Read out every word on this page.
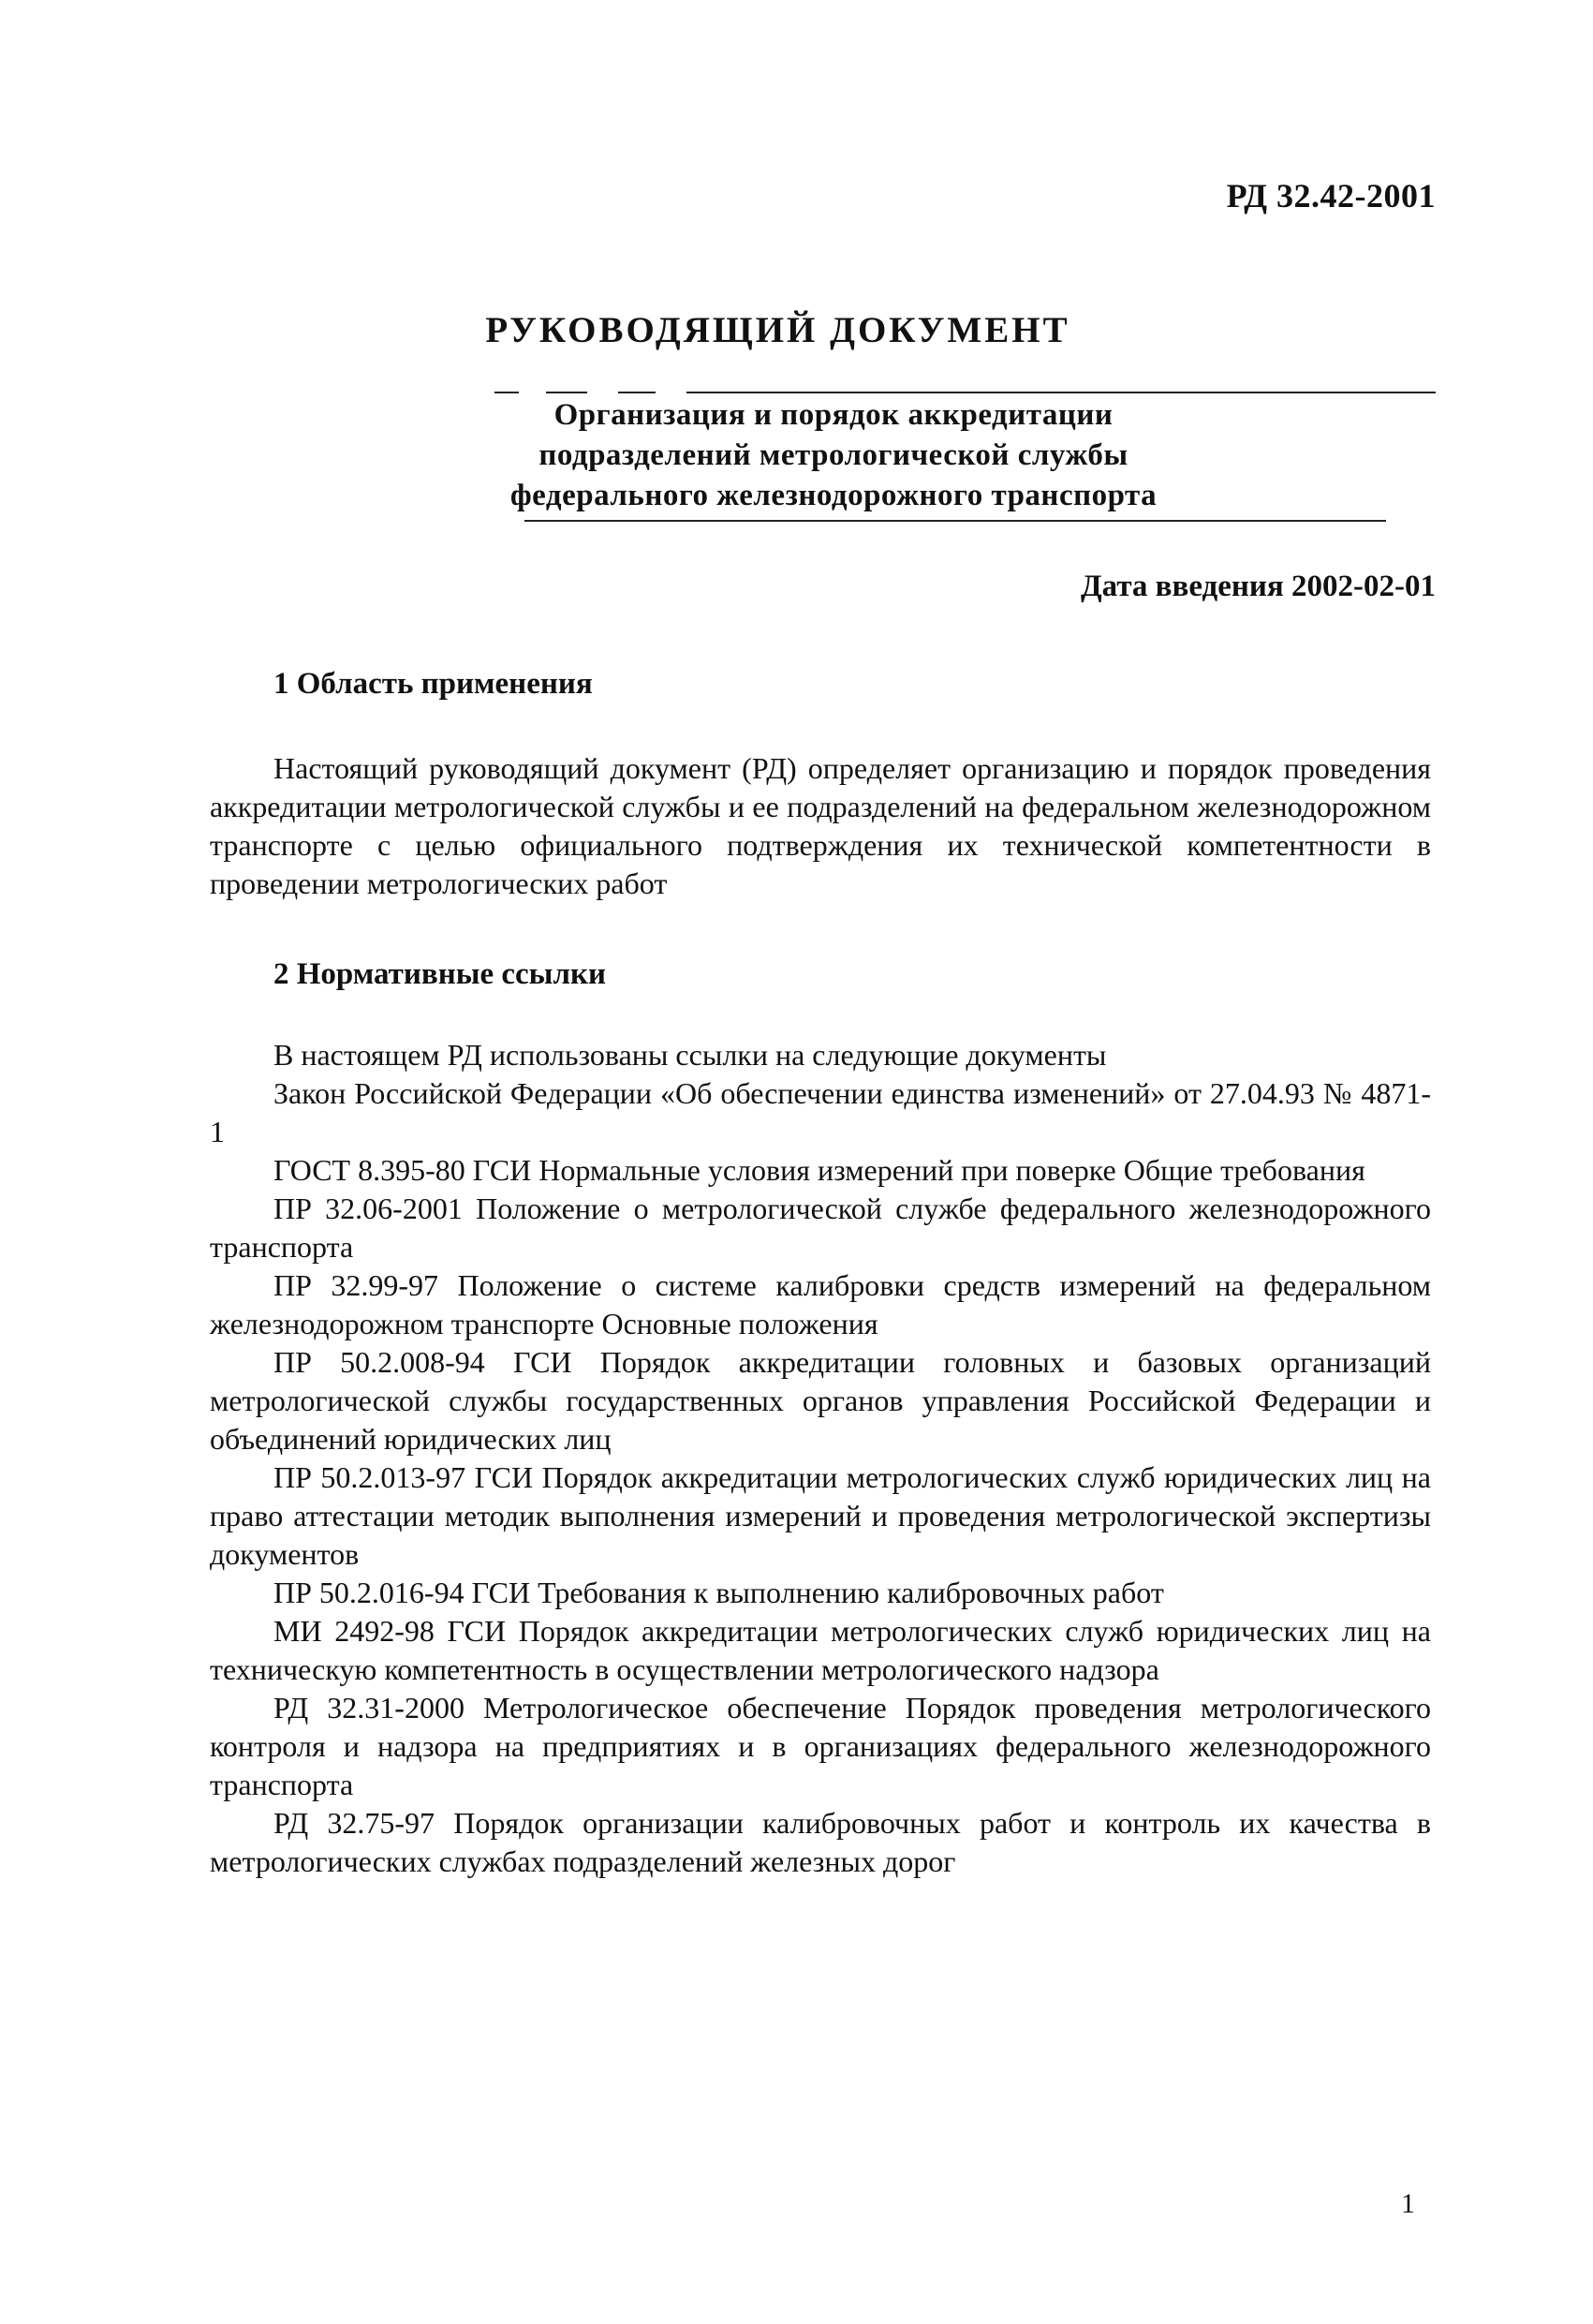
РД 32.42-2001
РУКОВОДЯЩИЙ ДОКУМЕНТ
Организация и порядок аккредитации
подразделений метрологической службы
федерального железнодорожного транспорта
Дата введения 2002-02-01
1 Область применения
Настоящий руководящий документ (РД) определяет организацию и порядок проведения аккредитации метрологической службы и ее подразделений на федеральном железнодорожном транспорте с целью официального подтверждения их технической компетентности в проведении метрологических работ
2 Нормативные ссылки
В настоящем РД использованы ссылки на следующие документы
Закон Российской Федерации «Об обеспечении единства изменений» от 27.04.93 № 4871-1
ГОСТ 8.395-80 ГСИ Нормальные условия измерений при поверке Общие требования
ПР 32.06-2001 Положение о метрологической службе федерального железнодорожного транспорта
ПР 32.99-97 Положение о системе калибровки средств измерений на федеральном железнодорожном транспорте Основные положения
ПР 50.2.008-94 ГСИ Порядок аккредитации головных и базовых организаций метрологической службы государственных органов управления Российской Федерации и объединений юридических лиц
ПР 50.2.013-97 ГСИ Порядок аккредитации метрологических служб юридических лиц на право аттестации методик выполнения измерений и проведения метрологической экспертизы документов
ПР 50.2.016-94 ГСИ Требования к выполнению калибровочных работ
МИ 2492-98 ГСИ Порядок аккредитации метрологических служб юридических лиц на техническую компетентность в осуществлении метрологического надзора
РД 32.31-2000 Метрологическое обеспечение Порядок проведения метрологического контроля и надзора на предприятиях и в организациях федерального железнодорожного транспорта
РД 32.75-97 Порядок организации калибровочных работ и контроль их качества в метрологических службах подразделений железных дорог
1
